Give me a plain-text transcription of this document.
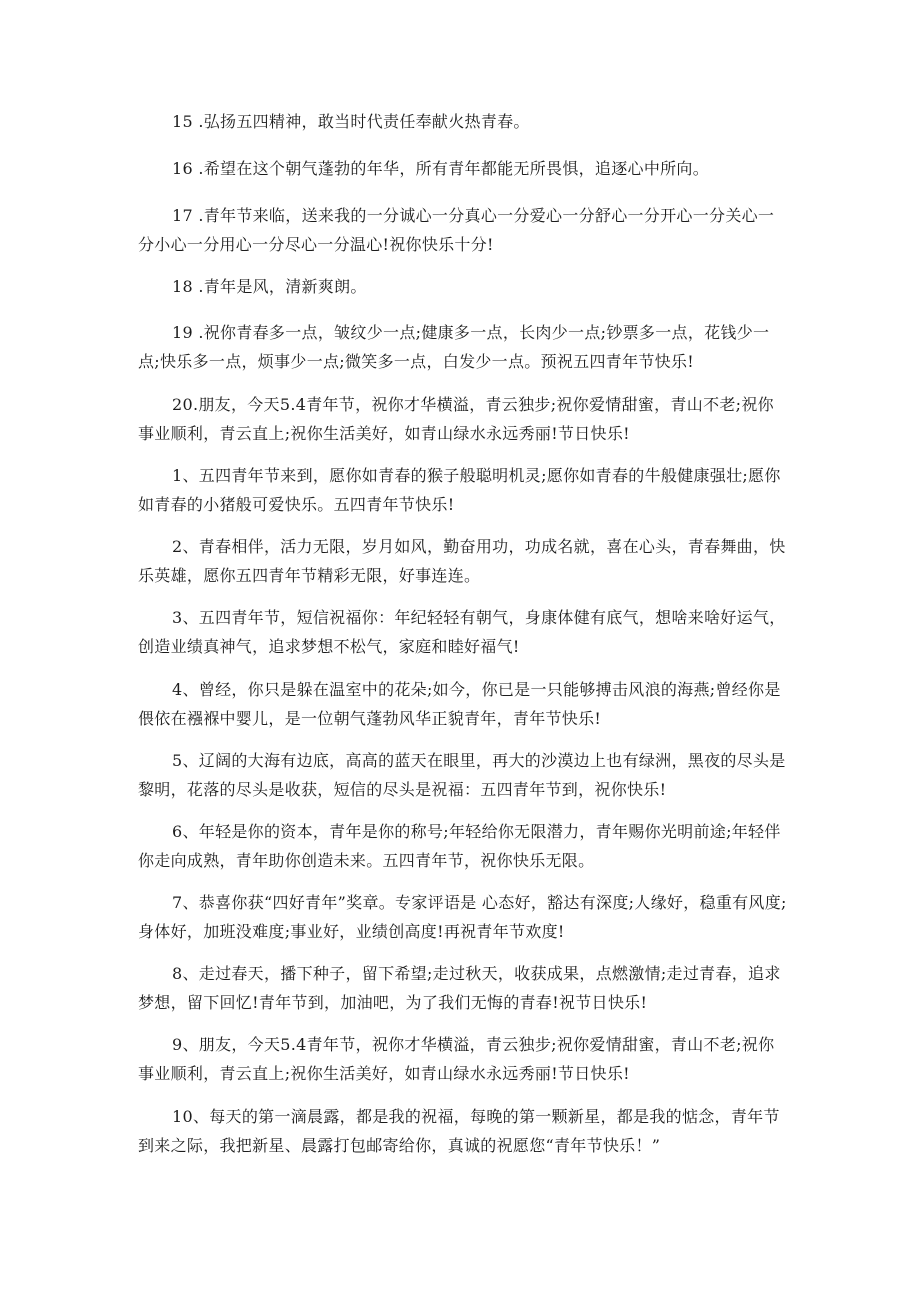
15 .弘扬五四精神，敢当时代责任奉献火热青春。

16 .希望在这个朝气蓬勃的年华，所有青年都能无所畏惧，追逐心中所向。

17 .青年节来临，送来我的一分诚心一分真心一分爱心一分舒心一分开心一分关心一分小心一分用心一分尽心一分温心!祝你快乐十分!

18 .青年是风，清新爽朗。

19 .祝你青春多一点，皱纹少一点;健康多一点，长肉少一点;钞票多一点，花钱少一点;快乐多一点，烦事少一点;微笑多一点，白发少一点。预祝五四青年节快乐!

20.朋友，今天5.4青年节，祝你才华横溢，青云独步;祝你爱情甜蜜，青山不老;祝你事业顺利，青云直上;祝你生活美好，如青山绿水永远秀丽!节日快乐!

1、五四青年节来到，愿你如青春的猴子般聪明机灵;愿你如青春的牛般健康强壮;愿你如青春的小猪般可爱快乐。五四青年节快乐!

2、青春相伴，活力无限，岁月如风，勤奋用功，功成名就，喜在心头，青春舞曲，快乐英雄，愿你五四青年节精彩无限，好事连连。

3、五四青年节，短信祝福你：年纪轻轻有朝气，身康体健有底气，想啥来啥好运气，创造业绩真神气，追求梦想不松气，家庭和睦好福气!

4、曾经，你只是躲在温室中的花朵;如今，你已是一只能够搏击风浪的海燕;曾经你是偎依在襁褓中婴儿，是一位朝气蓬勃风华正貌青年，青年节快乐!

5、辽阔的大海有边底，高高的蓝天在眼里，再大的沙漠边上也有绿洲，黑夜的尽头是黎明，花落的尽头是收获，短信的尽头是祝福：五四青年节到，祝你快乐!

6、年轻是你的资本，青年是你的称号;年轻给你无限潜力，青年赐你光明前途;年轻伴你走向成熟，青年助你创造未来。五四青年节，祝你快乐无限。

7、恭喜你获“四好青年”奖章。专家评语是 心态好，豁达有深度;人缘好，稳重有风度;身体好，加班没难度;事业好，业绩创高度!再祝青年节欢度!

8、走过春天，播下种子，留下希望;走过秋天，收获成果，点燃激情;走过青春，追求梦想，留下回忆!青年节到，加油吧，为了我们无悔的青春!祝节日快乐!

9、朋友，今天5.4青年节，祝你才华横溢，青云独步;祝你爱情甜蜜，青山不老;祝你事业顺利，青云直上;祝你生活美好，如青山绿水永远秀丽!节日快乐!

10、每天的第一滴晨露，都是我的祝福，每晚的第一颗新星，都是我的惦念，青年节到来之际，我把新星、晨露打包邮寄给你，真诚的祝愿您“青年节快乐！”
